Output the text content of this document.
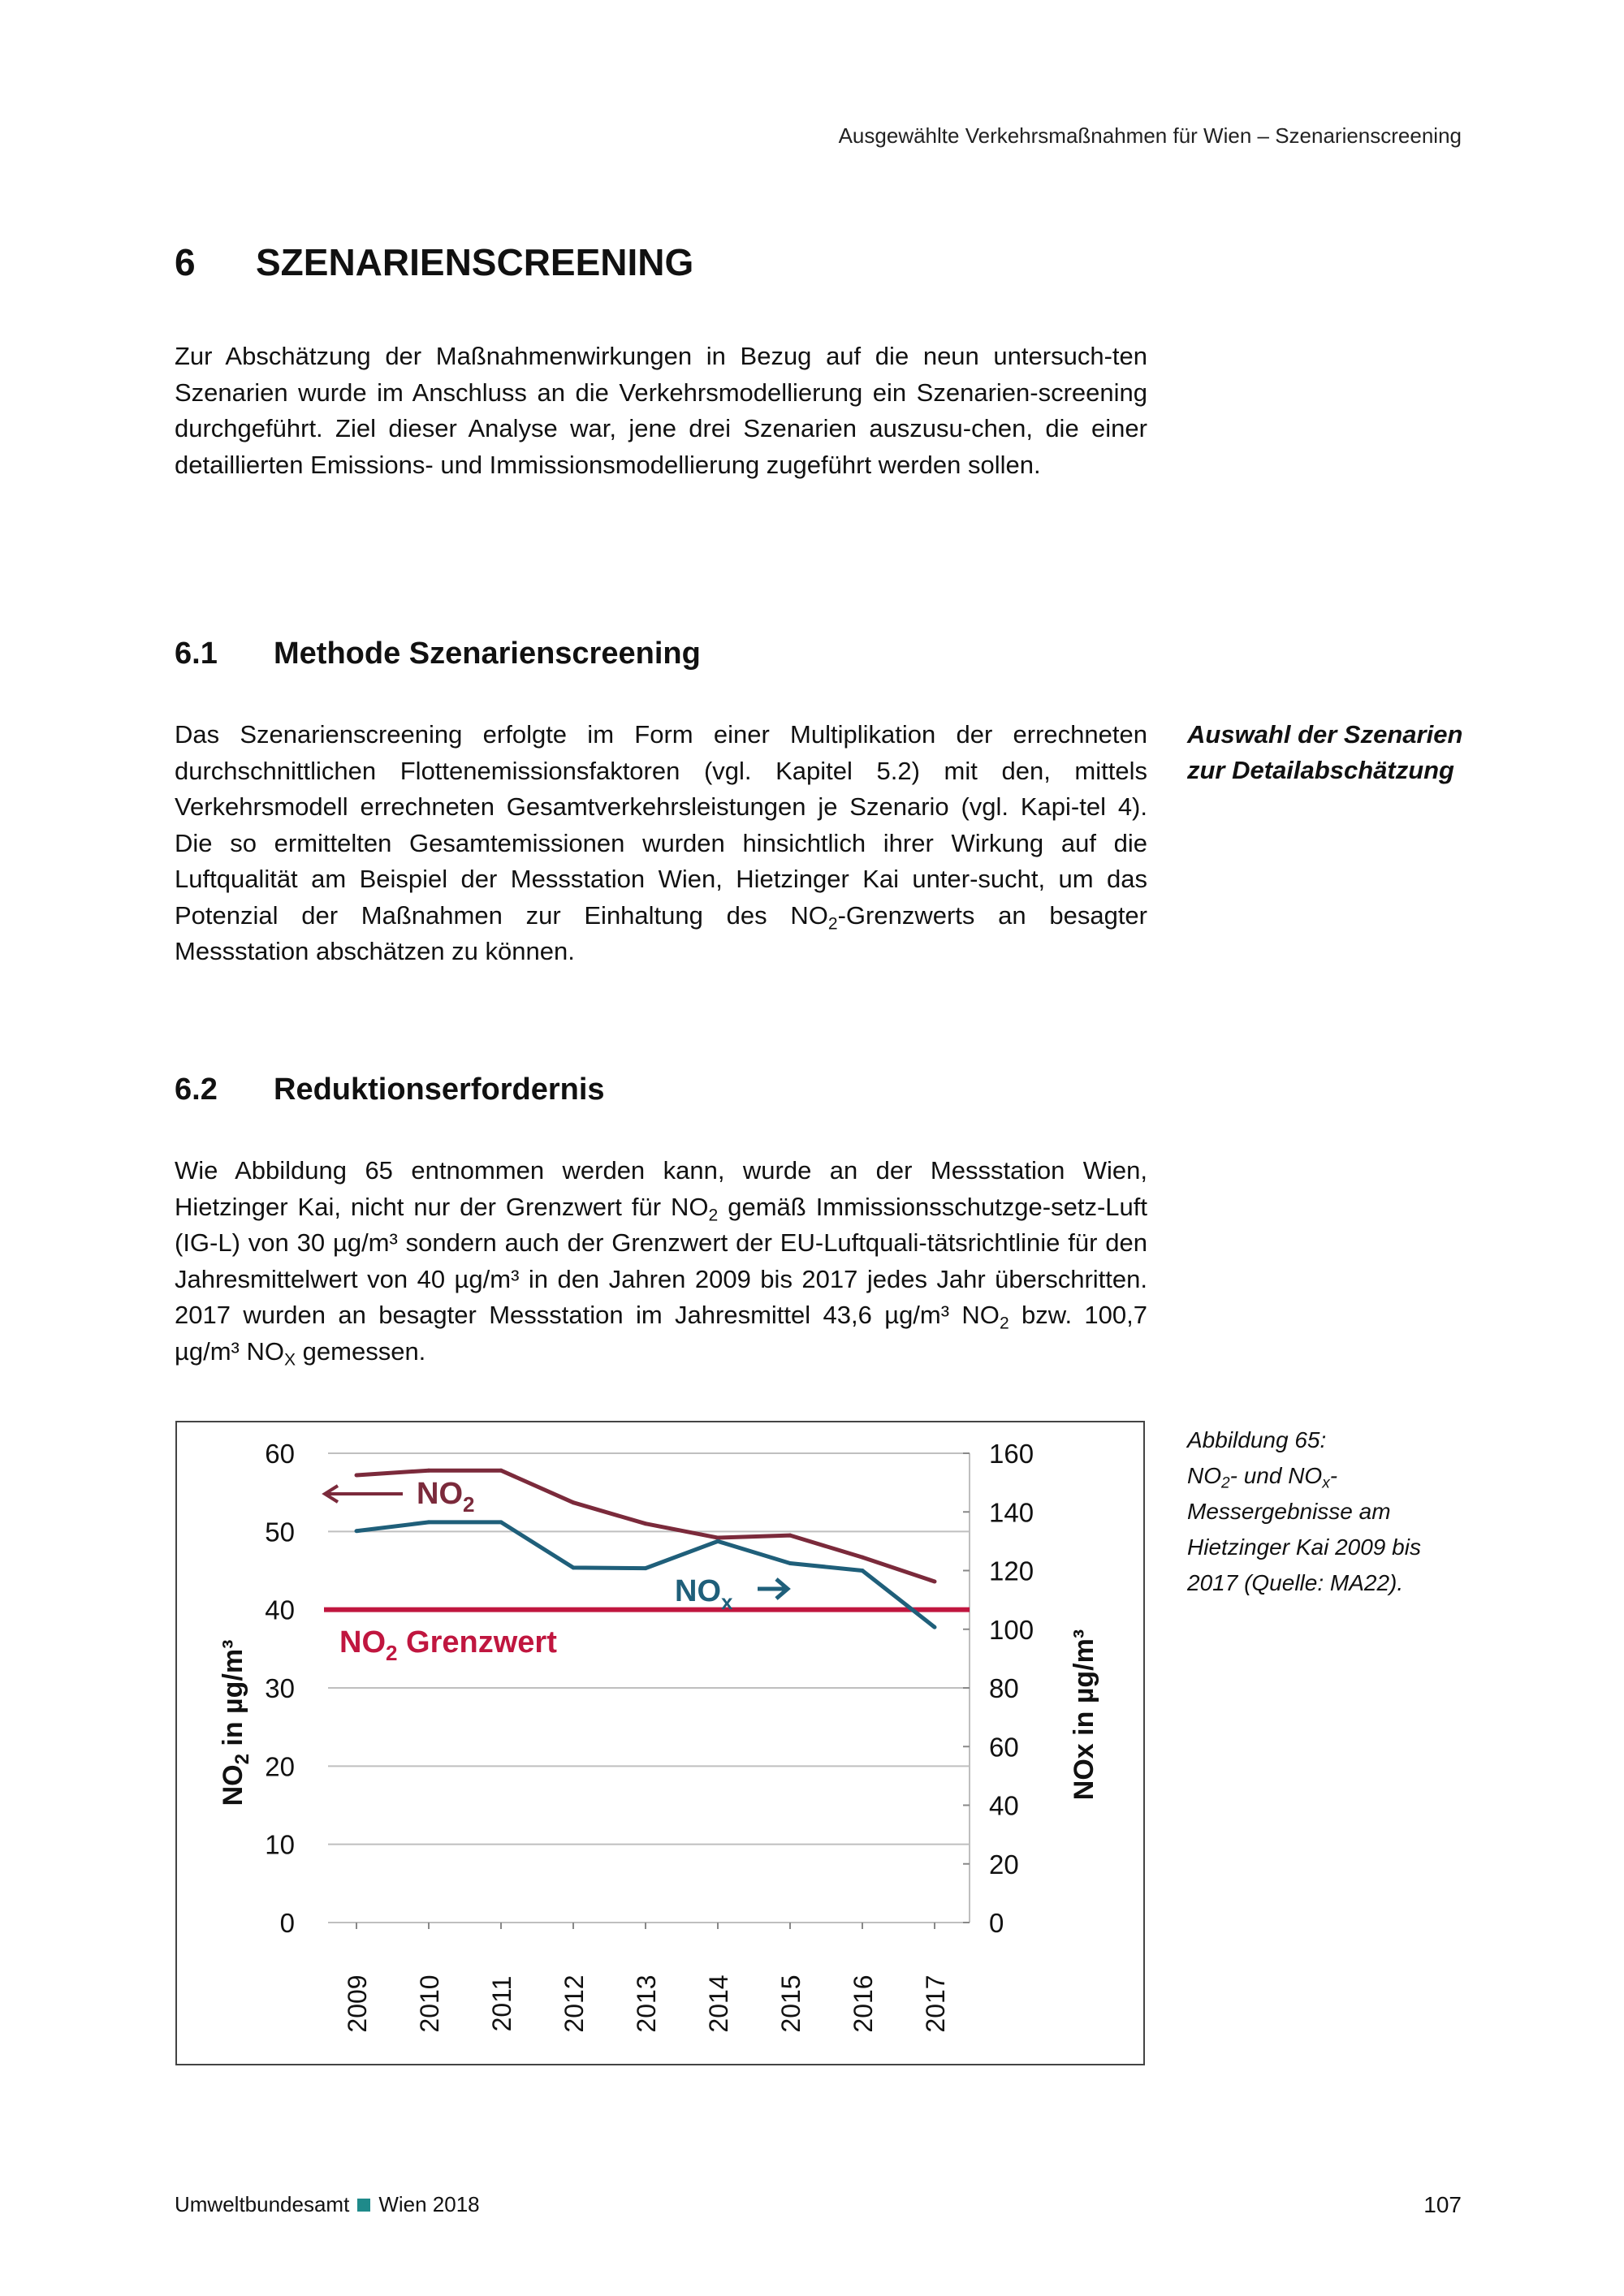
Ausgewählte Verkehrsmaßnahmen für Wien – Szenarienscreening
6 SZENARIENSCREENING
Zur Abschätzung der Maßnahmenwirkungen in Bezug auf die neun untersuch-ten Szenarien wurde im Anschluss an die Verkehrsmodellierung ein Szenarien-screening durchgeführt. Ziel dieser Analyse war, jene drei Szenarien auszusu-chen, die einer detaillierten Emissions- und Immissionsmodellierung zugeführt werden sollen.
6.1 Methode Szenarienscreening
Das Szenarienscreening erfolgte im Form einer Multiplikation der errechneten durchschnittlichen Flottenemissionsfaktoren (vgl. Kapitel 5.2) mit den, mittels Verkehrsmodell errechneten Gesamtverkehrsleistungen je Szenario (vgl. Kapi-tel 4). Die so ermittelten Gesamtemissionen wurden hinsichtlich ihrer Wirkung auf die Luftqualität am Beispiel der Messstation Wien, Hietzinger Kai unter-sucht, um das Potenzial der Maßnahmen zur Einhaltung des $NO_2$-Grenzwerts an besagter Messstation abschätzen zu können.
Auswahl der Szenarien zur Detailabschätzung
6.2 Reduktionserfordernis
Wie Abbildung 65 entnommen werden kann, wurde an der Messstation Wien, Hietzinger Kai, nicht nur der Grenzwert für $NO_2$ gemäß Immissionsschutzge-setz-Luft (IG-L) von 30 µg/m³ sondern auch der Grenzwert der EU-Luftquali-tätsrichtlinie für den Jahresmittelwert von 40 µg/m³ in den Jahren 2009 bis 2017 jedes Jahr überschritten. 2017 wurden an besagter Messstation im Jahresmittel 43,6 µg/m³ $NO_2$ bzw. 100,7 µg/m³ $NO_X$ gemessen.
0
10
20
30
40
50
60
0
20
40
60
80
100
120
140
160
2009 2010 2011 2012 2013 2014 2015 2016 2017
$NO_2$
$NO_x$
$NO_2$ Grenzwert
$NO_2$ in µg/m³	NOx in µg/m³
Abbildung 65:
$NO_2-$ und $NO_x$-Messergebnisse am Hietzinger Kai 2009 bis 2017 (Quelle: MA22).
Umweltbundesamt Wien 2018	107
